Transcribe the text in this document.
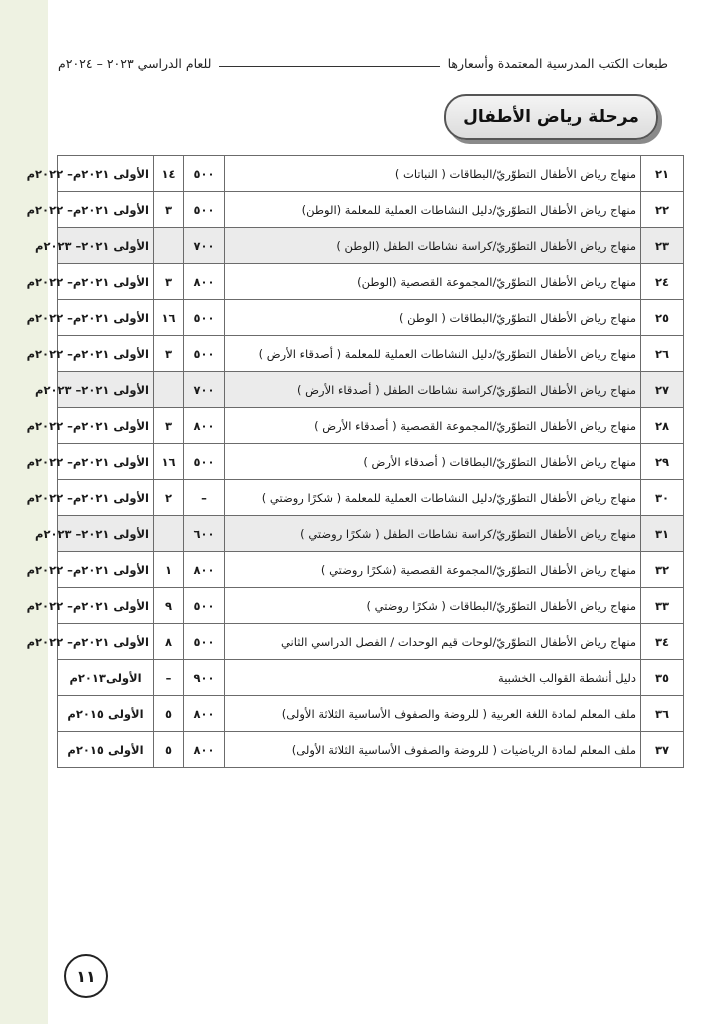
طبعات الكتب المدرسية المعتمدة وأسعارها
للعام الدراسي ٢٠٢٣ – ٢٠٢٤م
مرحلة رياض الأطفال
٢١	منهاج رياض الأطفال التطوّريّ/البطاقات ( النباتات )	٥٠٠	١٤	الأولى ٢٠٢١م– ٢٠٢٢م
٢٢	منهاج رياض الأطفال التطوّريّ/دليل النشاطات العملية للمعلمة (الوطن)	٥٠٠	٣	الأولى ٢٠٢١م– ٢٠٢٢م
٢٣	منهاج رياض الأطفال التطوّريّ/كراسة نشاطات الطفل (الوطن )	٧٠٠		الأولى ٢٠٢١– ٢٠٢٣م
٢٤	منهاج رياض الأطفال التطوّريّ/المجموعة القصصية (الوطن)	٨٠٠	٣	الأولى ٢٠٢١م– ٢٠٢٢م
٢٥	منهاج رياض الأطفال التطوّريّ/البطاقات ( الوطن )	٥٠٠	١٦	الأولى ٢٠٢١م– ٢٠٢٢م
٢٦	منهاج رياض الأطفال التطوّريّ/دليل النشاطات العملية للمعلمة ( أصدقاء الأرض )	٥٠٠	٣	الأولى ٢٠٢١م– ٢٠٢٢م
٢٧	منهاج رياض الأطفال التطوّريّ/كراسة نشاطات الطفل ( أصدقاء الأرض )	٧٠٠		الأولى ٢٠٢١– ٢٠٢٣م
٢٨	منهاج رياض الأطفال التطوّريّ/المجموعة القصصية ( أصدقاء الأرض )	٨٠٠	٣	الأولى ٢٠٢١م– ٢٠٢٢م
٢٩	منهاج رياض الأطفال التطوّريّ/البطاقات ( أصدقاء الأرض )	٥٠٠	١٦	الأولى ٢٠٢١م– ٢٠٢٢م
٣٠	منهاج رياض الأطفال التطوّريّ/دليل النشاطات العملية للمعلمة ( شكرًا روضتي )	–	٢	الأولى ٢٠٢١م– ٢٠٢٢م
٣١	منهاج رياض الأطفال التطوّريّ/كراسة نشاطات الطفل ( شكرًا روضتي )	٦٠٠		الأولى ٢٠٢١– ٢٠٢٣م
٣٢	منهاج رياض الأطفال التطوّريّ/المجموعة القصصية (شكرًا روضتي )	٨٠٠	١	الأولى ٢٠٢١م– ٢٠٢٢م
٣٣	منهاج رياض الأطفال التطوّريّ/البطاقات ( شكرًا روضتي )	٥٠٠	٩	الأولى ٢٠٢١م– ٢٠٢٢م
٣٤	منهاج رياض الأطفال التطوّريّ/لوحات قيم الوحدات / الفصل الدراسي الثاني	٥٠٠	٨	الأولى ٢٠٢١م– ٢٠٢٢م
٣٥	دليل أنشطة القوالب الخشبية	٩٠٠	–	الأولى٢٠١٣م
٣٦	ملف المعلم لمادة اللغة العربية ( للروضة والصفوف الأساسية الثلاثة الأولى)	٨٠٠	٥	الأولى ٢٠١٥م
٣٧	ملف المعلم لمادة الرياضيات ( للروضة والصفوف الأساسية الثلاثة الأولى)	٨٠٠	٥	الأولى ٢٠١٥م
١١
